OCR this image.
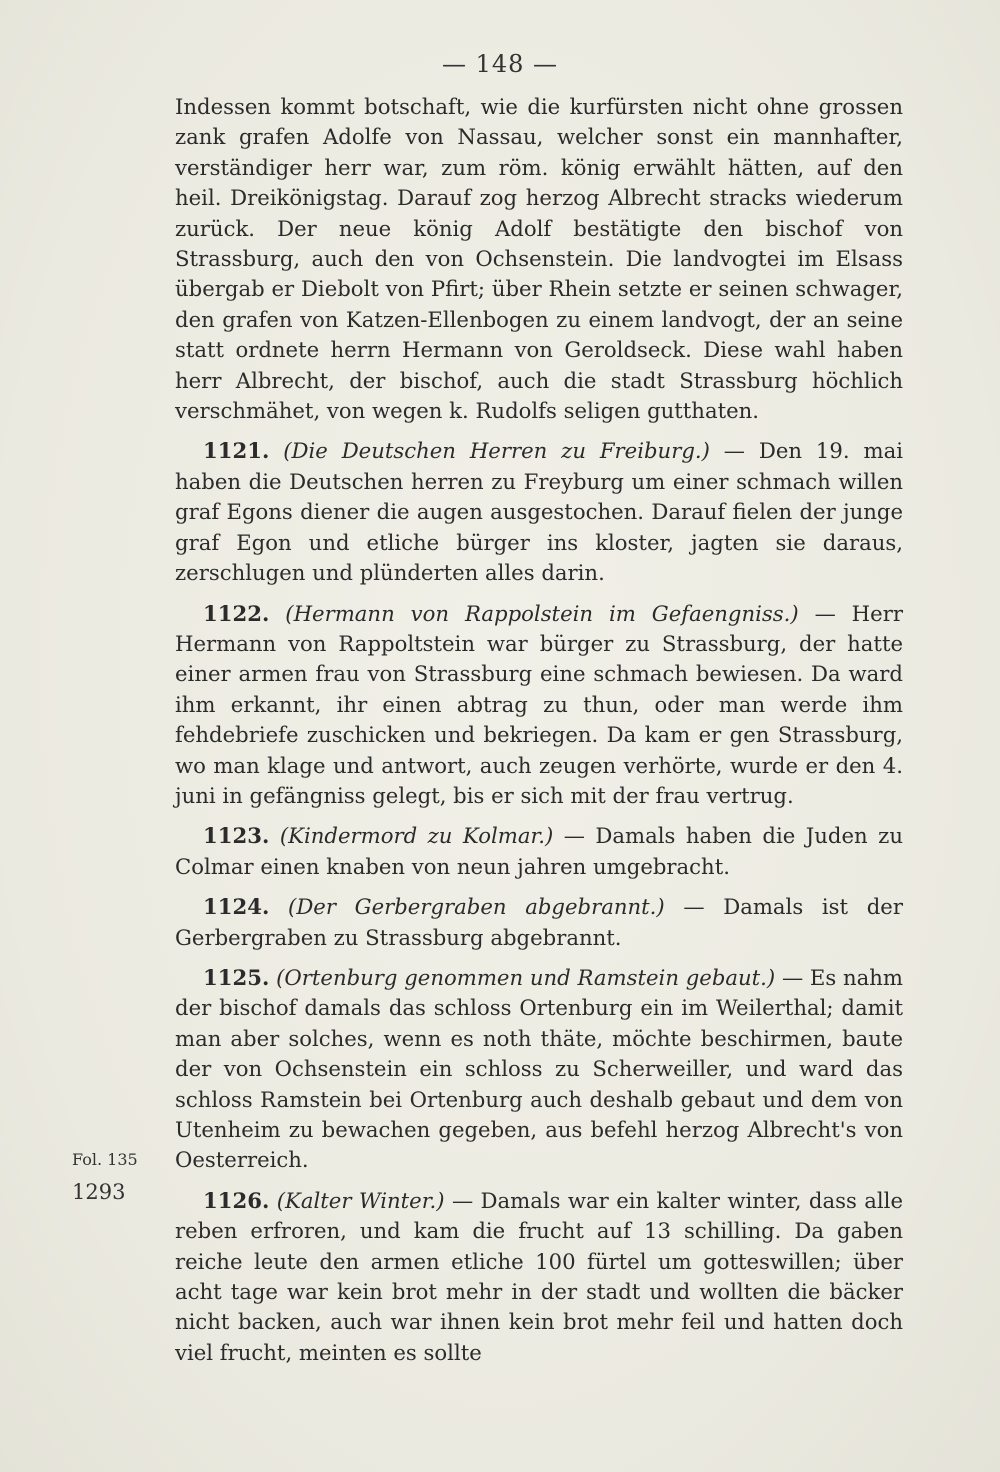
— 148 —

Indessen kommt botschaft, wie die kurfürsten nicht ohne grossen zank grafen Adolfe von Nassau, welcher sonst ein mannhafter, verständiger herr war, zum röm. könig erwählt hätten, auf den heil. Dreikönigstag. Darauf zog herzog Albrecht stracks wiederum zurück. Der neue könig Adolf bestätigte den bischof von Strassburg, auch den von Ochsenstein. Die landvogtei im Elsass übergab er Diebolt von Pfirt; über Rhein setzte er seinen schwager, den grafen von Katzen-Ellenbogen zu einem landvogt, der an seine statt ordnete herrn Hermann von Geroldseck. Diese wahl haben herr Albrecht, der bischof, auch die stadt Strassburg höchlich verschmähet, von wegen k. Rudolfs seligen gutthaten.

1121. (Die Deutschen Herren zu Freiburg.) — Den 19. mai haben die Deutschen herren zu Freyburg um einer schmach willen graf Egons diener die augen ausgestochen. Darauf fielen der junge graf Egon und etliche bürger ins kloster, jagten sie daraus, zerschlugen und plünderten alles darin.

1122. (Hermann von Rappolstein im Gefaengniss.) — Herr Hermann von Rappoltstein war bürger zu Strassburg, der hatte einer armen frau von Strassburg eine schmach bewiesen. Da ward ihm erkannt, ihr einen abtrag zu thun, oder man werde ihm fehdebriefe zuschicken und bekriegen. Da kam er gen Strassburg, wo man klage und antwort, auch zeugen verhörte, wurde er den 4. juni in gefängniss gelegt, bis er sich mit der frau vertrug.

1123. (Kindermord zu Kolmar.) — Damals haben die Juden zu Colmar einen knaben von neun jahren umgebracht.

1124. (Der Gerbergraben abgebrannt.) — Damals ist der Gerbergraben zu Strassburg abgebrannt.

1125. (Ortenburg genommen und Ramstein gebaut.) — Es nahm der bischof damals das schloss Ortenburg ein im Weilerthal; damit man aber solches, wenn es noth thäte, möchte beschirmen, baute der von Ochsenstein ein schloss zu Scherweiller, und ward das schloss Ramstein bei Ortenburg auch deshalb gebaut und dem von Utenheim zu bewachen gegeben, aus befehl herzog Albrecht's von Oesterreich.

1126. (Kalter Winter.) — Damals war ein kalter winter, dass alle reben erfroren, und kam die frucht auf 13 schilling. Da gaben reiche leute den armen etliche 100 fürtel um gotteswillen; über acht tage war kein brot mehr in der stadt und wollten die bäcker nicht backen, auch war ihnen kein brot mehr feil und hatten doch viel frucht, meinten es sollte

Fol. 135
1293
